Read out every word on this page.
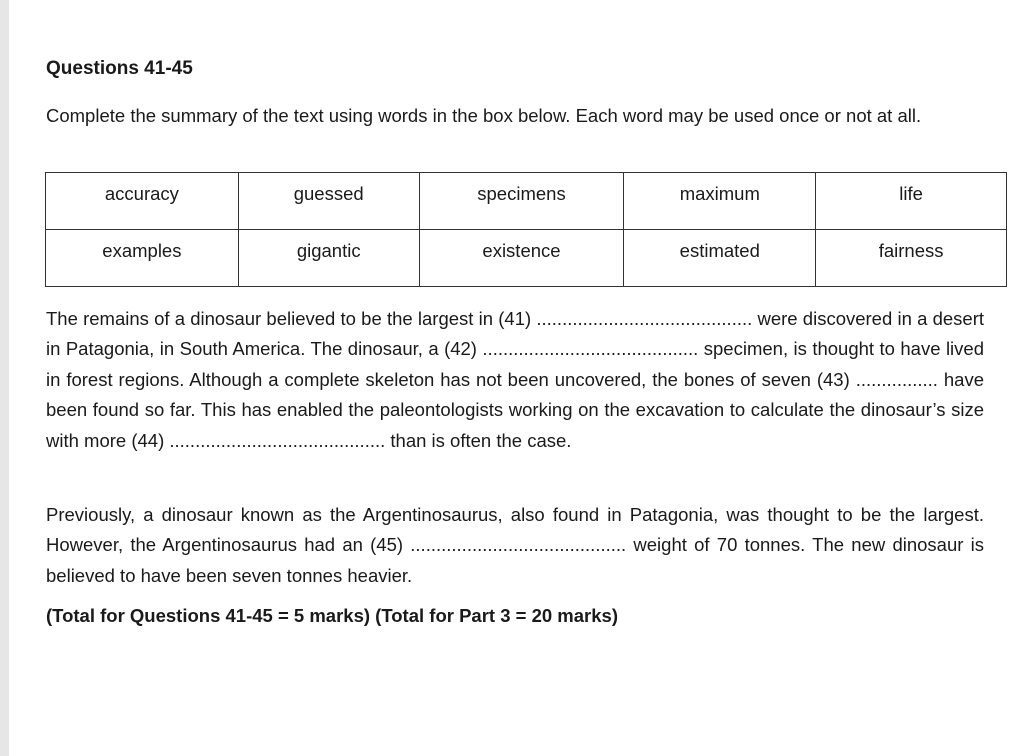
Questions 41-45

Complete the summary of the text using words in the box below. Each word may be used once or not at all.

accuracy	guessed	specimens	maximum	life
examples	gigantic	existence	estimated	fairness

The remains of a dinosaur believed to be the largest in (41) .......................................... were discovered in a desert in Patagonia, in South America. The dinosaur, a (42) .......................................... specimen, is thought to have lived in forest regions. Although a complete skeleton has not been uncovered, the bones of seven (43) ................ have been found so far. This has enabled the paleontologists working on the excavation to calculate the dinosaur’s size with more (44) .......................................... than is often the case.

Previously, a dinosaur known as the Argentinosaurus, also found in Patagonia, was thought to be the largest. However, the Argentinosaurus had an (45) .......................................... weight of 70 tonnes. The new dinosaur is believed to have been seven tonnes heavier.

(Total for Questions 41-45 = 5 marks) (Total for Part 3 = 20 marks)
